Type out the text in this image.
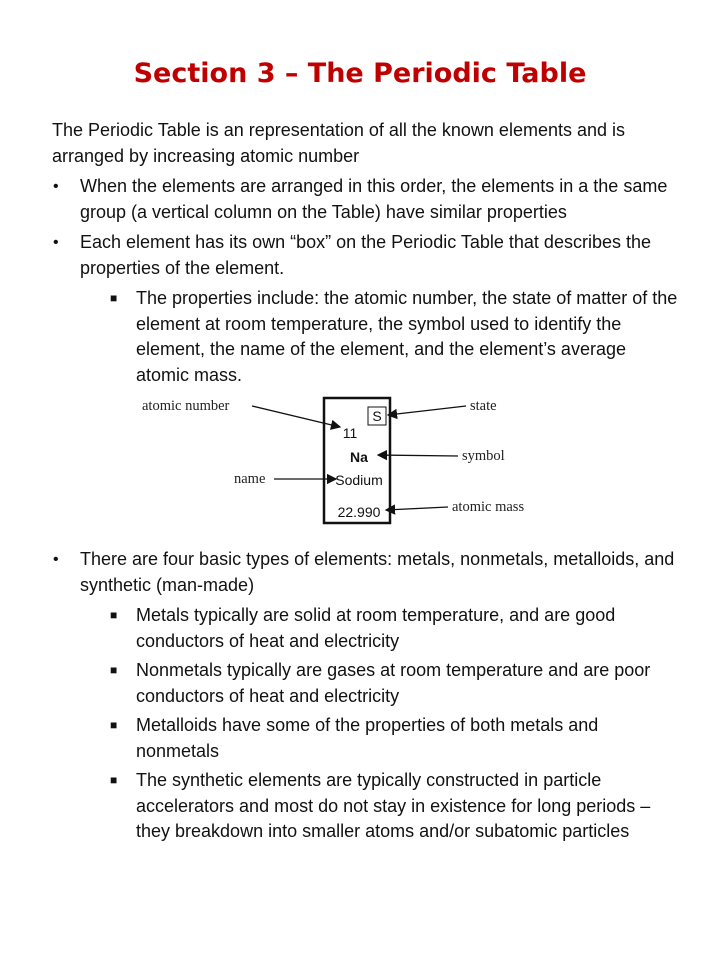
Section 3 – The Periodic Table

The Periodic Table is an representation of all the known elements and is arranged by increasing atomic number

• When the elements are arranged in this order, the elements in a the same group (a vertical column on the Table) have similar properties
• Each element has its own “box” on the Periodic Table that describes the properties of the element.
■ The properties include: the atomic number, the state of matter of the element at room temperature, the symbol used to identify the element, the name of the element, and the element’s average atomic mass.
S
11
Na
Sodium
22.990
atomic number	state
symbol
name
atomic mass
• There are four basic types of elements: metals, nonmetals, metalloids, and synthetic (man-made)
■ Metals typically are solid at room temperature, and are good conductors of heat and electricity
■ Nonmetals typically are gases at room temperature and are poor conductors of heat and electricity
■ Metalloids have some of the properties of both metals and nonmetals
■ The synthetic elements are typically constructed in particle accelerators and most do not stay in existence for long periods – they breakdown into smaller atoms and/or subatomic particles
